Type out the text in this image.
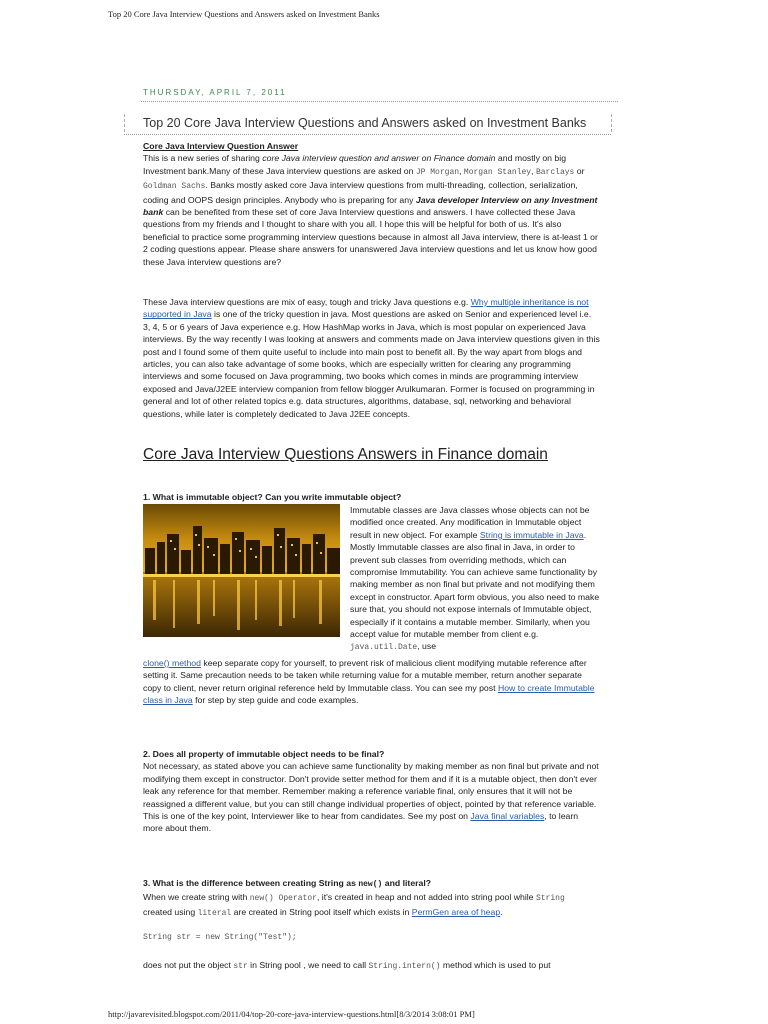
Top 20 Core Java Interview Questions and Answers asked on Investment Banks
THURSDAY, APRIL 7, 2011
Top 20 Core Java Interview Questions and Answers asked on Investment Banks

Core Java Interview Question Answer
This is a new series of sharing core Java interview question and answer on Finance domain and mostly on big Investment bank.Many of these Java interview questions are asked on JP Morgan, Morgan Stanley, Barclays or Goldman Sachs. Banks mostly asked core Java interview questions from multi-threading, collection, serialization, coding and OOPS design principles. Anybody who is preparing for any Java developer Interview on any Investment bank can be benefited from these set of core Java Interview questions and answers. I have collected these Java questions from my friends and I thought to share with you all. I hope this will be helpful for both of us. It's also beneficial to practice some programming interview questions because in almost all Java interview, there is at-least 1 or 2 coding questions appear. Please share answers for unanswered Java interview questions and let us know how good these Java interview questions are?

These Java interview questions are mix of easy, tough and tricky Java questions e.g. Why multiple inheritance is not supported in Java is one of the tricky question in java. Most questions are asked on Senior and experienced level i.e. 3, 4, 5 or 6 years of Java experience e.g. How HashMap works in Java, which is most popular on experienced Java interviews. By the way recently I was looking at answers and comments made on Java interview questions given in this post and I found some of them quite useful to include into main post to benefit all. By the way apart from blogs and articles, you can also take advantage of some books, which are especially written for clearing any programming interviews and some focused on Java programming, two books which comes in minds are programming interview exposed and Java/J2EE interview companion from fellow blogger Arulkumaran. Former is focused on programming in general and lot of other related topics e.g. data structures, algorithms, database, sql, networking and behavioral questions, while later is completely dedicated to Java J2EE concepts.

Core Java Interview Questions Answers in Finance domain

1. What is immutable object? Can you write immutable object?

Immutable classes are Java classes whose objects can not be modified once created. Any modification in Immutable object result in new object. For example String is immutable in Java. Mostly Immutable classes are also final in Java, in order to prevent sub classes from overriding methods, which can compromise Immutability. You can achieve same functionality by making member as non final but private and not modifying them except in constructor. Apart form obvious, you also need to make sure that, you should not expose internals of Immutable object, especially if it contains a mutable member. Similarly, when you accept value for mutable member from client e.g. java.util.Date, use

clone() method keep separate copy for yourself, to prevent risk of malicious client modifying mutable reference after setting it. Same precaution needs to be taken while returning value for a mutable member, return another separate copy to client, never return original reference held by Immutable class. You can see my post How to create Immutable class in Java for step by step guide and code examples.

2. Does all property of immutable object needs to be final?

Not necessary, as stated above you can achieve same functionality by making member as non final but private and not modifying them except in constructor. Don't provide setter method for them and if it is a mutable object, then don't ever leak any reference for that member. Remember making a reference variable final, only ensures that it will not be reassigned a different value, but you can still change individual properties of object, pointed by that reference variable. This is one of the key point, Interviewer like to hear from candidates. See my post on Java final variables, to learn more about them.

3. What is the difference between creating String as new() and literal?

When we create string with new() Operator, it's created in heap and not added into string pool while String
created using literal are created in String pool itself which exists in PermGen area of heap.

String str = new String("Test");

does not put the object str in String pool , we need to call String.intern() method which is used to put

http://javarevisited.blogspot.com/2011/04/top-20-core-java-interview-questions.html[8/3/2014 3:08:01 PM]
